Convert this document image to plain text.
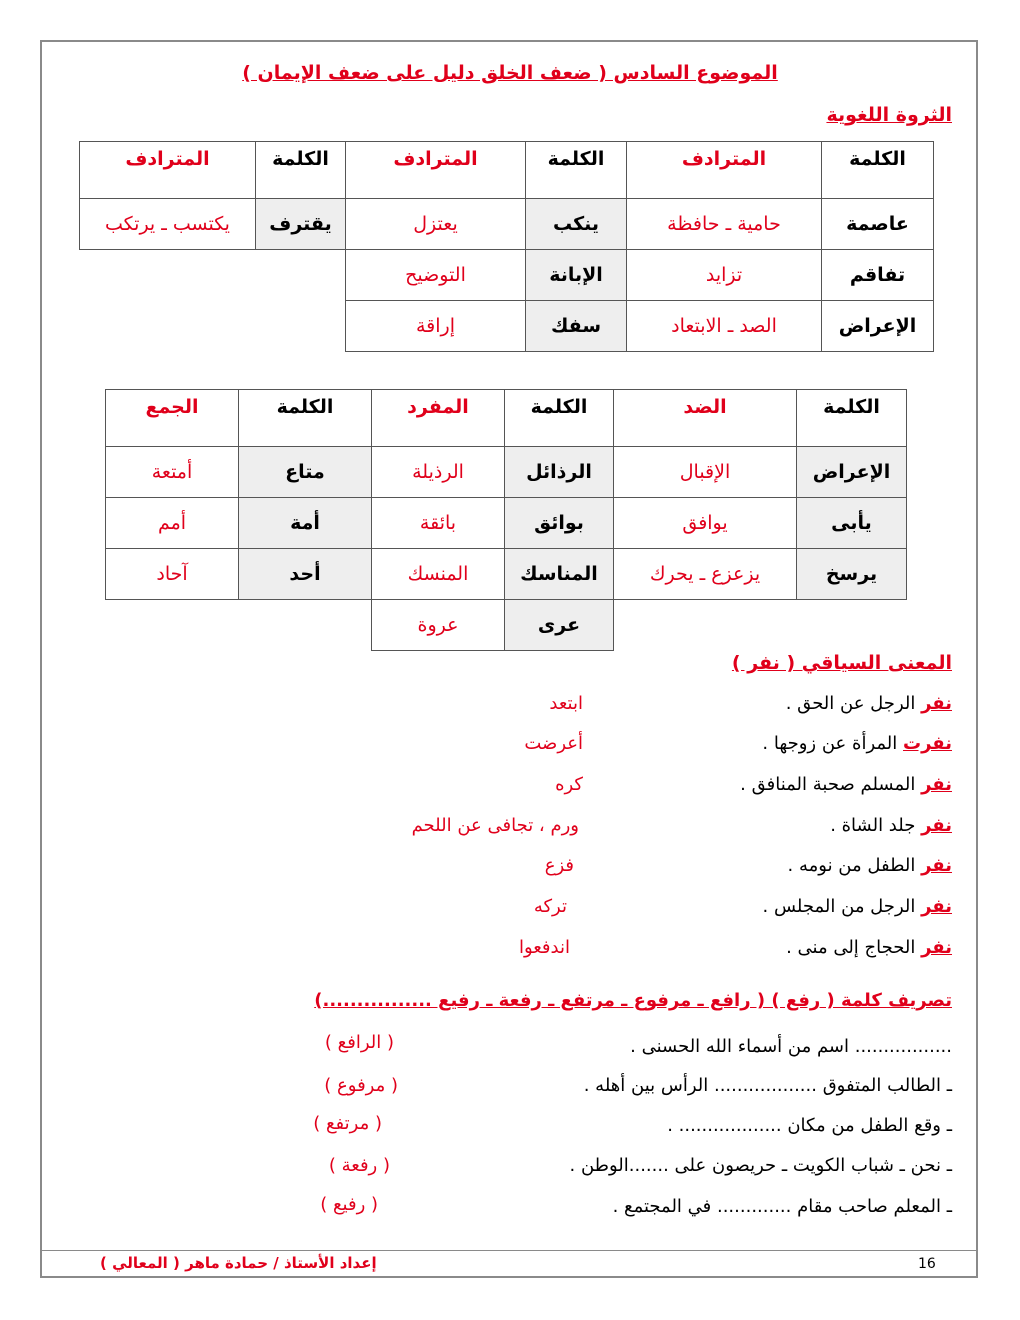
الموضوع السادس ( ضعف الخلق دليل على ضعف الإيمان )
الثروة اللغوية
المترادف	الكلمة	المترادف	الكلمة	المترادف	الكلمة
يكتسب ـ يرتكب	يقترف	يعتزل	ينكب	حامية ـ حافظة	عاصمة
		التوضيح	الإبانة	تزايد	تفاقم
		إراقة	سفك	الصد ـ الابتعاد	الإعراض
الجمع	الكلمة	المفرد	الكلمة	الضد	الكلمة
أمتعة	متاع	الرذيلة	الرذائل	الإقبال	الإعراض
أمم	أمة	بائقة	بوائق	يوافق	يأبى
آحاد	أحد	المنسك	المناسك	يزعزع ـ يحرك	يرسخ
		عروة	عرى		
المعنى السياقي ( نفر )
نفر الرجل عن الحق .
ابتعد
نفرت المرأة عن زوجها .
أعرضت
نفر المسلم صحبة المنافق .
كره
نفر جلد الشاة .
ورم ، تجافى عن اللحم
نفر الطفل من نومه .
فزع
نفر الرجل من المجلس .
تركه
نفر الحجاج إلى منى .
اندفعوا
تصريف كلمة ( رفع ) ( رافع ـ مرفوع ـ مرتفع ـ رفعة ـ رفيع ................)
................. اسم من أسماء الله الحسنى .
( الرافع )
ـ الطالب المتفوق .................. الرأس بين أهله .
( مرفوع )
ـ وقع الطفل من مكان .................. .
( مرتفع )
ـ نحن ـ شباب الكويت ـ حريصون على .......الوطن .
( رفعة )
ـ المعلم صاحب مقام ............. في المجتمع .
( رفيع )
إعداد الأستاذ / حمادة ماهر ( المعالي )	16
